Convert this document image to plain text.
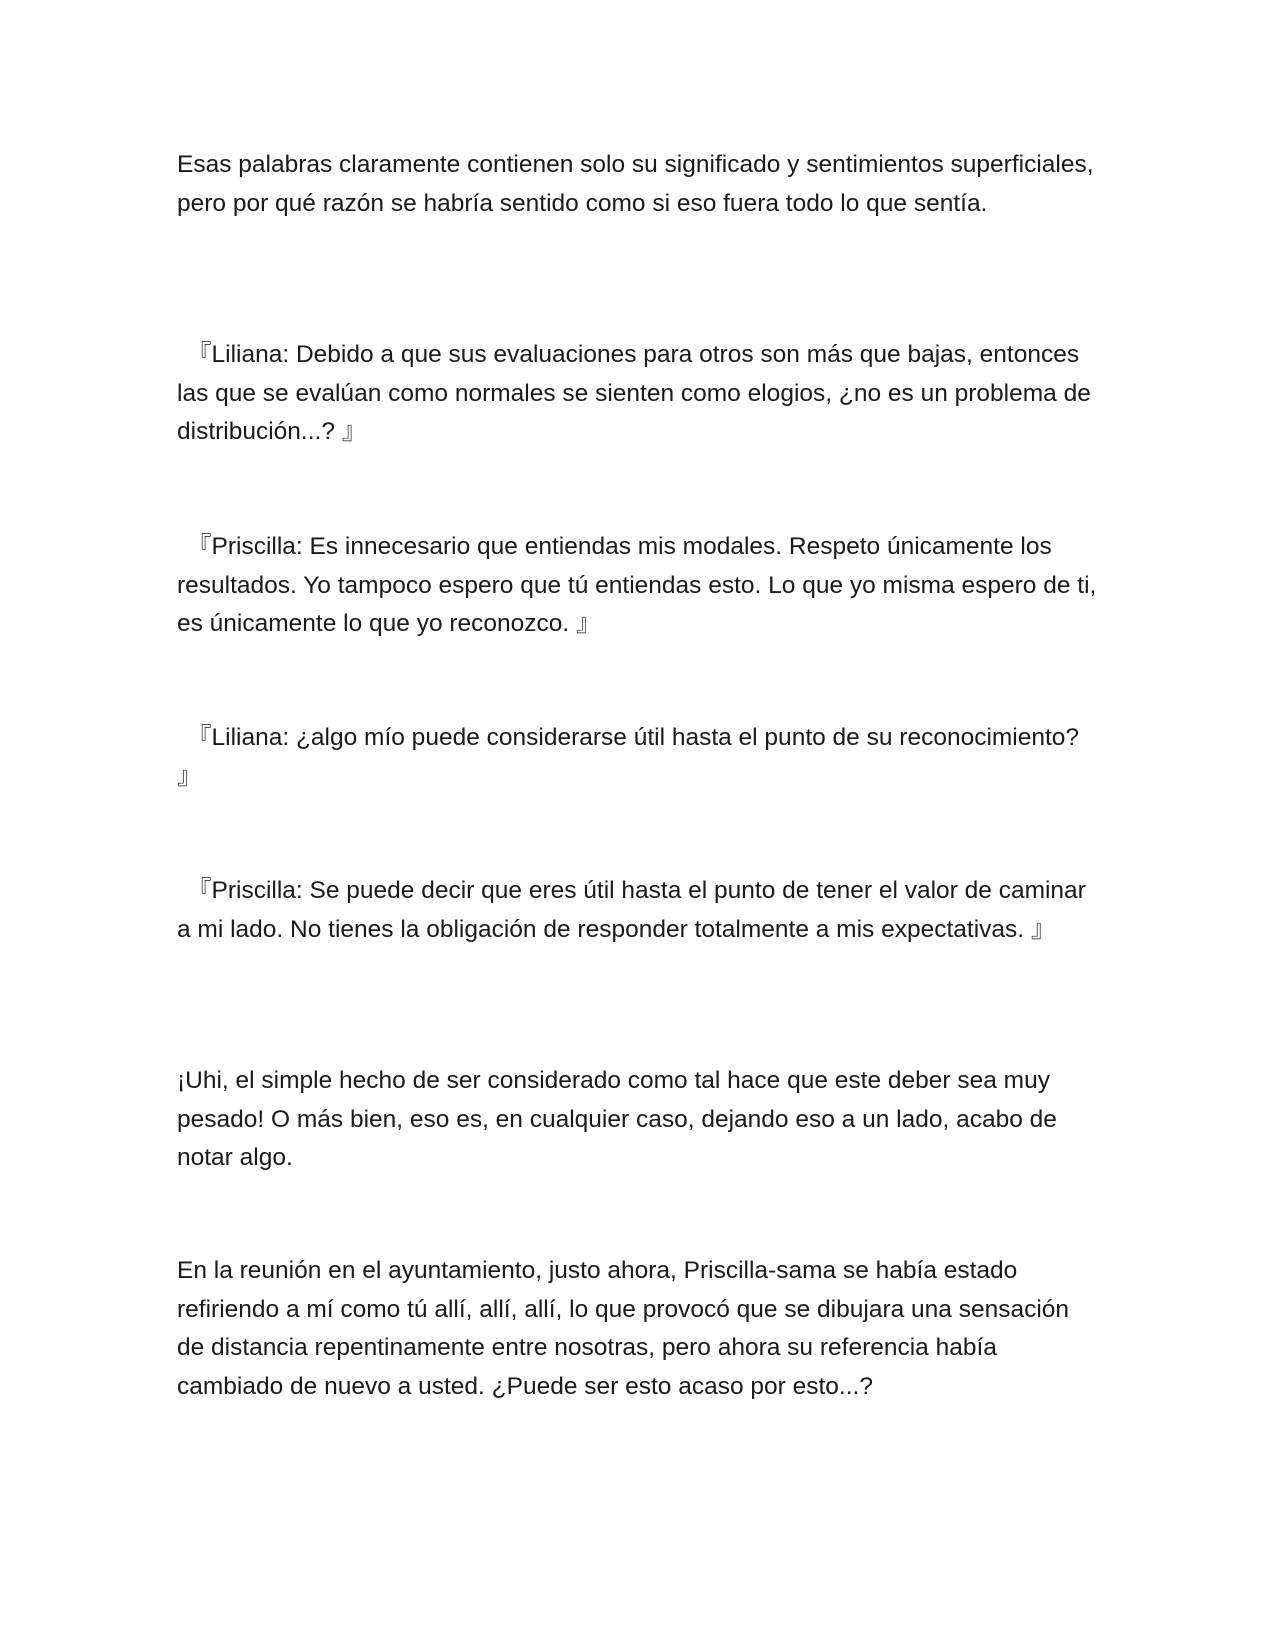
Esas palabras claramente contienen solo su significado y sentimientos superficiales, pero por qué razón se habría sentido como si eso fuera todo lo que sentía.

『Liliana: Debido a que sus evaluaciones para otros son más que bajas, entonces las que se evalúan como normales se sienten como elogios, ¿no es un problema de distribución...? 』

『Priscilla: Es innecesario que entiendas mis modales. Respeto únicamente los resultados. Yo tampoco espero que tú entiendas esto. Lo que yo misma espero de ti, es únicamente lo que yo reconozco. 』

『Liliana: ¿algo mío puede considerarse útil hasta el punto de su reconocimiento? 』

『Priscilla: Se puede decir que eres útil hasta el punto de tener el valor de caminar a mi lado. No tienes la obligación de responder totalmente a mis expectativas. 』

¡Uhi, el simple hecho de ser considerado como tal hace que este deber sea muy pesado! O más bien, eso es, en cualquier caso, dejando eso a un lado, acabo de notar algo.

En la reunión en el ayuntamiento, justo ahora, Priscilla-sama se había estado refiriendo a mí como tú allí, allí, allí, lo que provocó que se dibujara una sensación de distancia repentinamente entre nosotras, pero ahora su referencia había cambiado de nuevo a usted. ¿Puede ser esto acaso por esto...?
